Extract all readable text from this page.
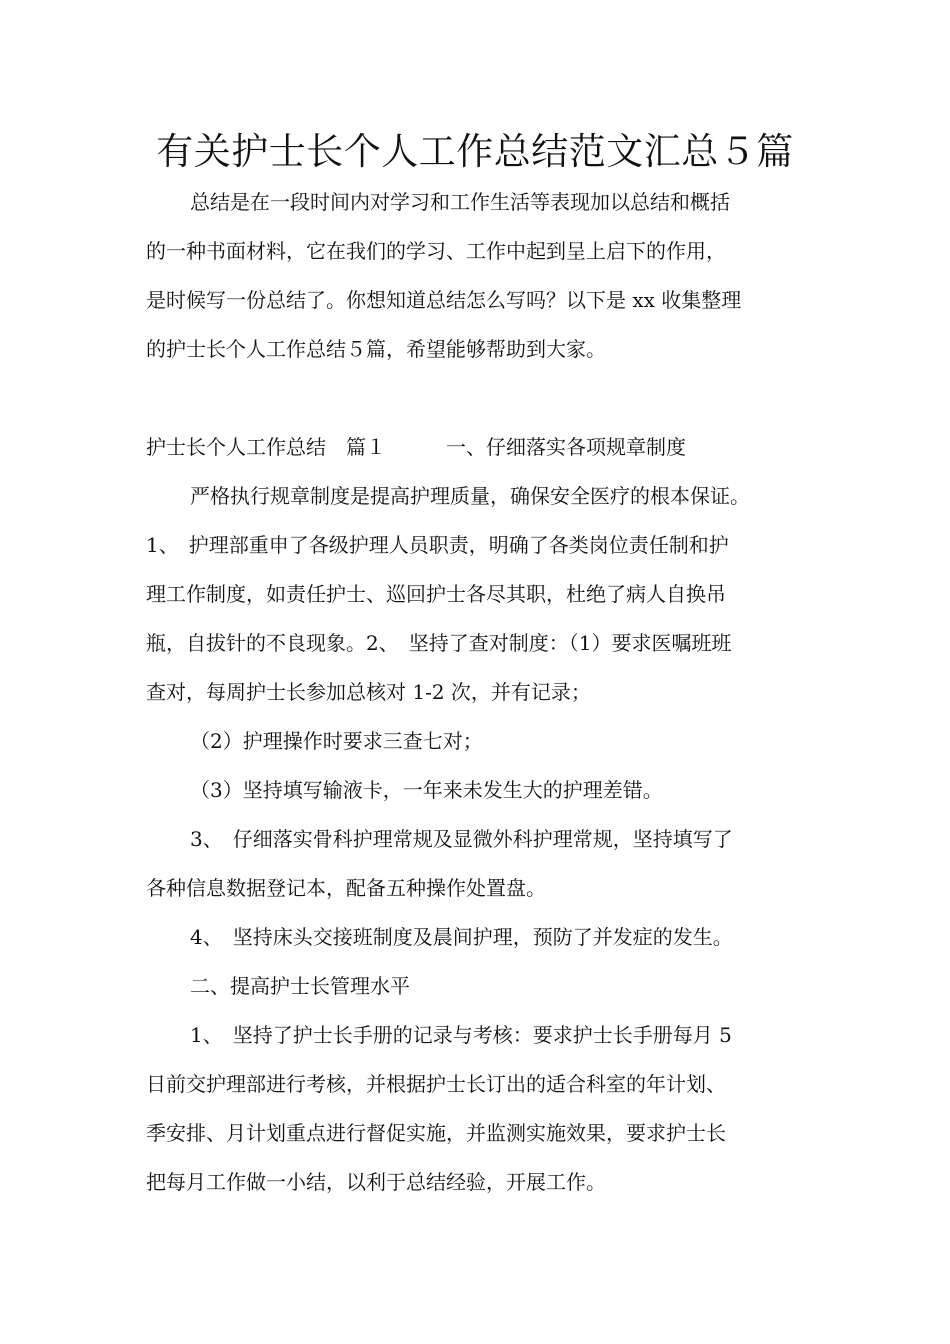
有关护士长个人工作总结范文汇总５篇
总结是在一段时间内对学习和工作生活等表现加以总结和概括
的一种书面材料，它在我们的学习、工作中起到呈上启下的作用，
是时候写一份总结了。你想知道总结怎么写吗？以下是 xx 收集整理
的护士长个人工作总结５篇，希望能够帮助到大家。
护士长个人工作总结　篇１　　　一、仔细落实各项规章制度
严格执行规章制度是提高护理质量，确保安全医疗的根本保证。
1、　护理部重申了各级护理人员职责，明确了各类岗位责任制和护
理工作制度，如责任护士、巡回护士各尽其职，杜绝了病人自换吊
瓶，自拔针的不良现象。2、　坚持了查对制度：（1）要求医嘱班班
查对，每周护士长参加总核对 1-2 次，并有记录；
（2）护理操作时要求三查七对；
（3）坚持填写输液卡，一年来未发生大的护理差错。
3、　仔细落实骨科护理常规及显微外科护理常规，坚持填写了
各种信息数据登记本，配备五种操作处置盘。
4、　坚持床头交接班制度及晨间护理，预防了并发症的发生。
二、提高护士长管理水平
1、　坚持了护士长手册的记录与考核：要求护士长手册每月 5
日前交护理部进行考核，并根据护士长订出的适合科室的年计划、
季安排、月计划重点进行督促实施，并监测实施效果，要求护士长
把每月工作做一小结，以利于总结经验，开展工作。
